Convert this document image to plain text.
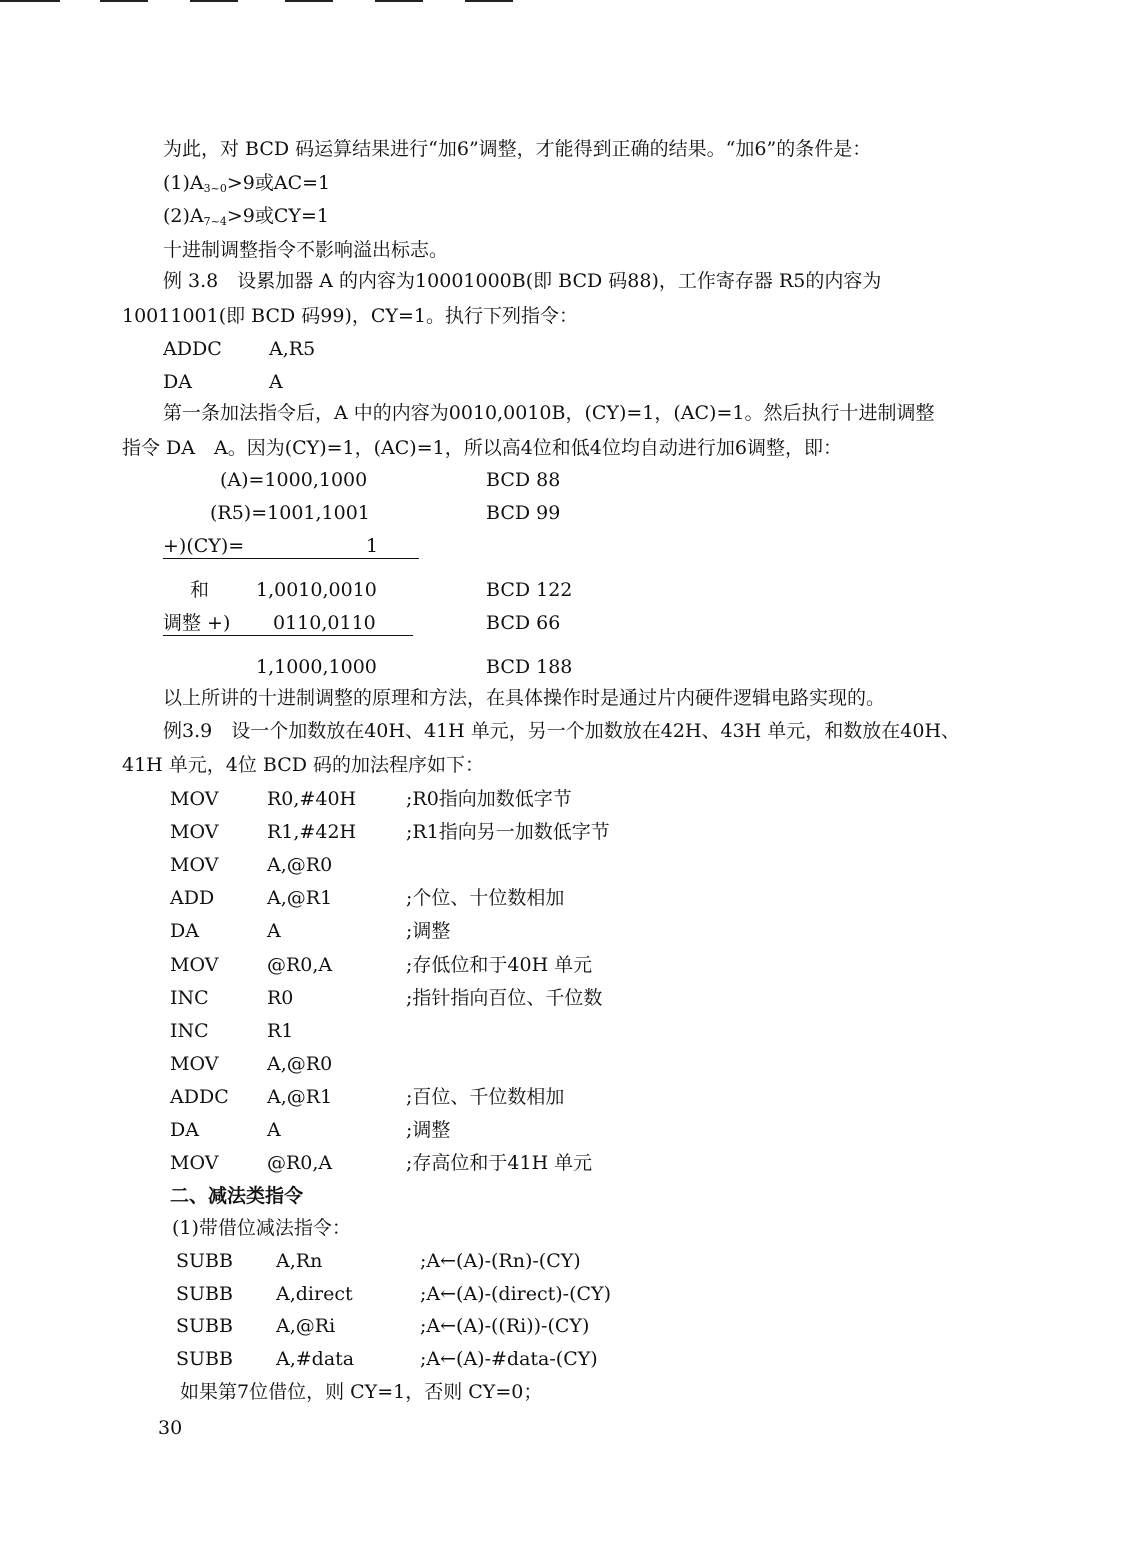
为此，对 BCD 码运算结果进行“加6”调整，才能得到正确的结果。“加6”的条件是：
$(1)A_{3\sim 0}>9$或AC=1
$(2)A_{7\sim 4}>9$或CY=1
十进制调整指令不影响溢出标志。
例 3.8　设累加器 A 的内容为10001000B(即 BCD 码88)，工作寄存器 R5的内容为
10011001(即 BCD 码99)，CY=1。执行下列指令：
ADDC A,R5
DA	A
第一条加法指令后，A 中的内容为0010,0010B，(CY)=1，(AC)=1。然后执行十进制调整
指令 DA　A。因为(CY)=1，(AC)=1，所以高4位和低4位均自动进行加6调整，即：
(A)=1000,1000	BCD 88
(R5)=1001,1001	BCD 99
+)(CY)=	1
和 1,0010,0010	BCD 122
调整 +) 0110,0110	BCD 66
1,1000,1000	BCD 188
以上所讲的十进制调整的原理和方法，在具体操作时是通过片内硬件逻辑电路实现的。
例3.9　设一个加数放在40H、41H 单元，另一个加数放在42H、43H 单元，和数放在40H、
41H 单元，4位 BCD 码的加法程序如下：
MOV	R0,#40H	;R0指向加数低字节
MOV	R1,#42H	;R1指向另一加数低字节
MOV	A,@R0
ADD	A,@R1	;个位、十位数相加
DA	A	;调整
MOV	@R0,A	;存低位和于40H 单元
INC	R0	;指针指向百位、千位数
INC	R1
MOV	A,@R0
ADDC A,@R1	;百位、千位数相加
DA	A	;调整
MOV	@R0,A	;存高位和于41H 单元
二、减法类指令
(1)带借位减法指令：
SUBB A,Rn	;A←(A)-(Rn)-(CY)
SUBB A,direct	;A←(A)-(direct)-(CY)
SUBB A,@Ri	;A←(A)-((Ri))-(CY)
SUBB A,#data	;A←(A)-#data-(CY)
如果第7位借位，则 CY=1，否则 CY=0；
30
